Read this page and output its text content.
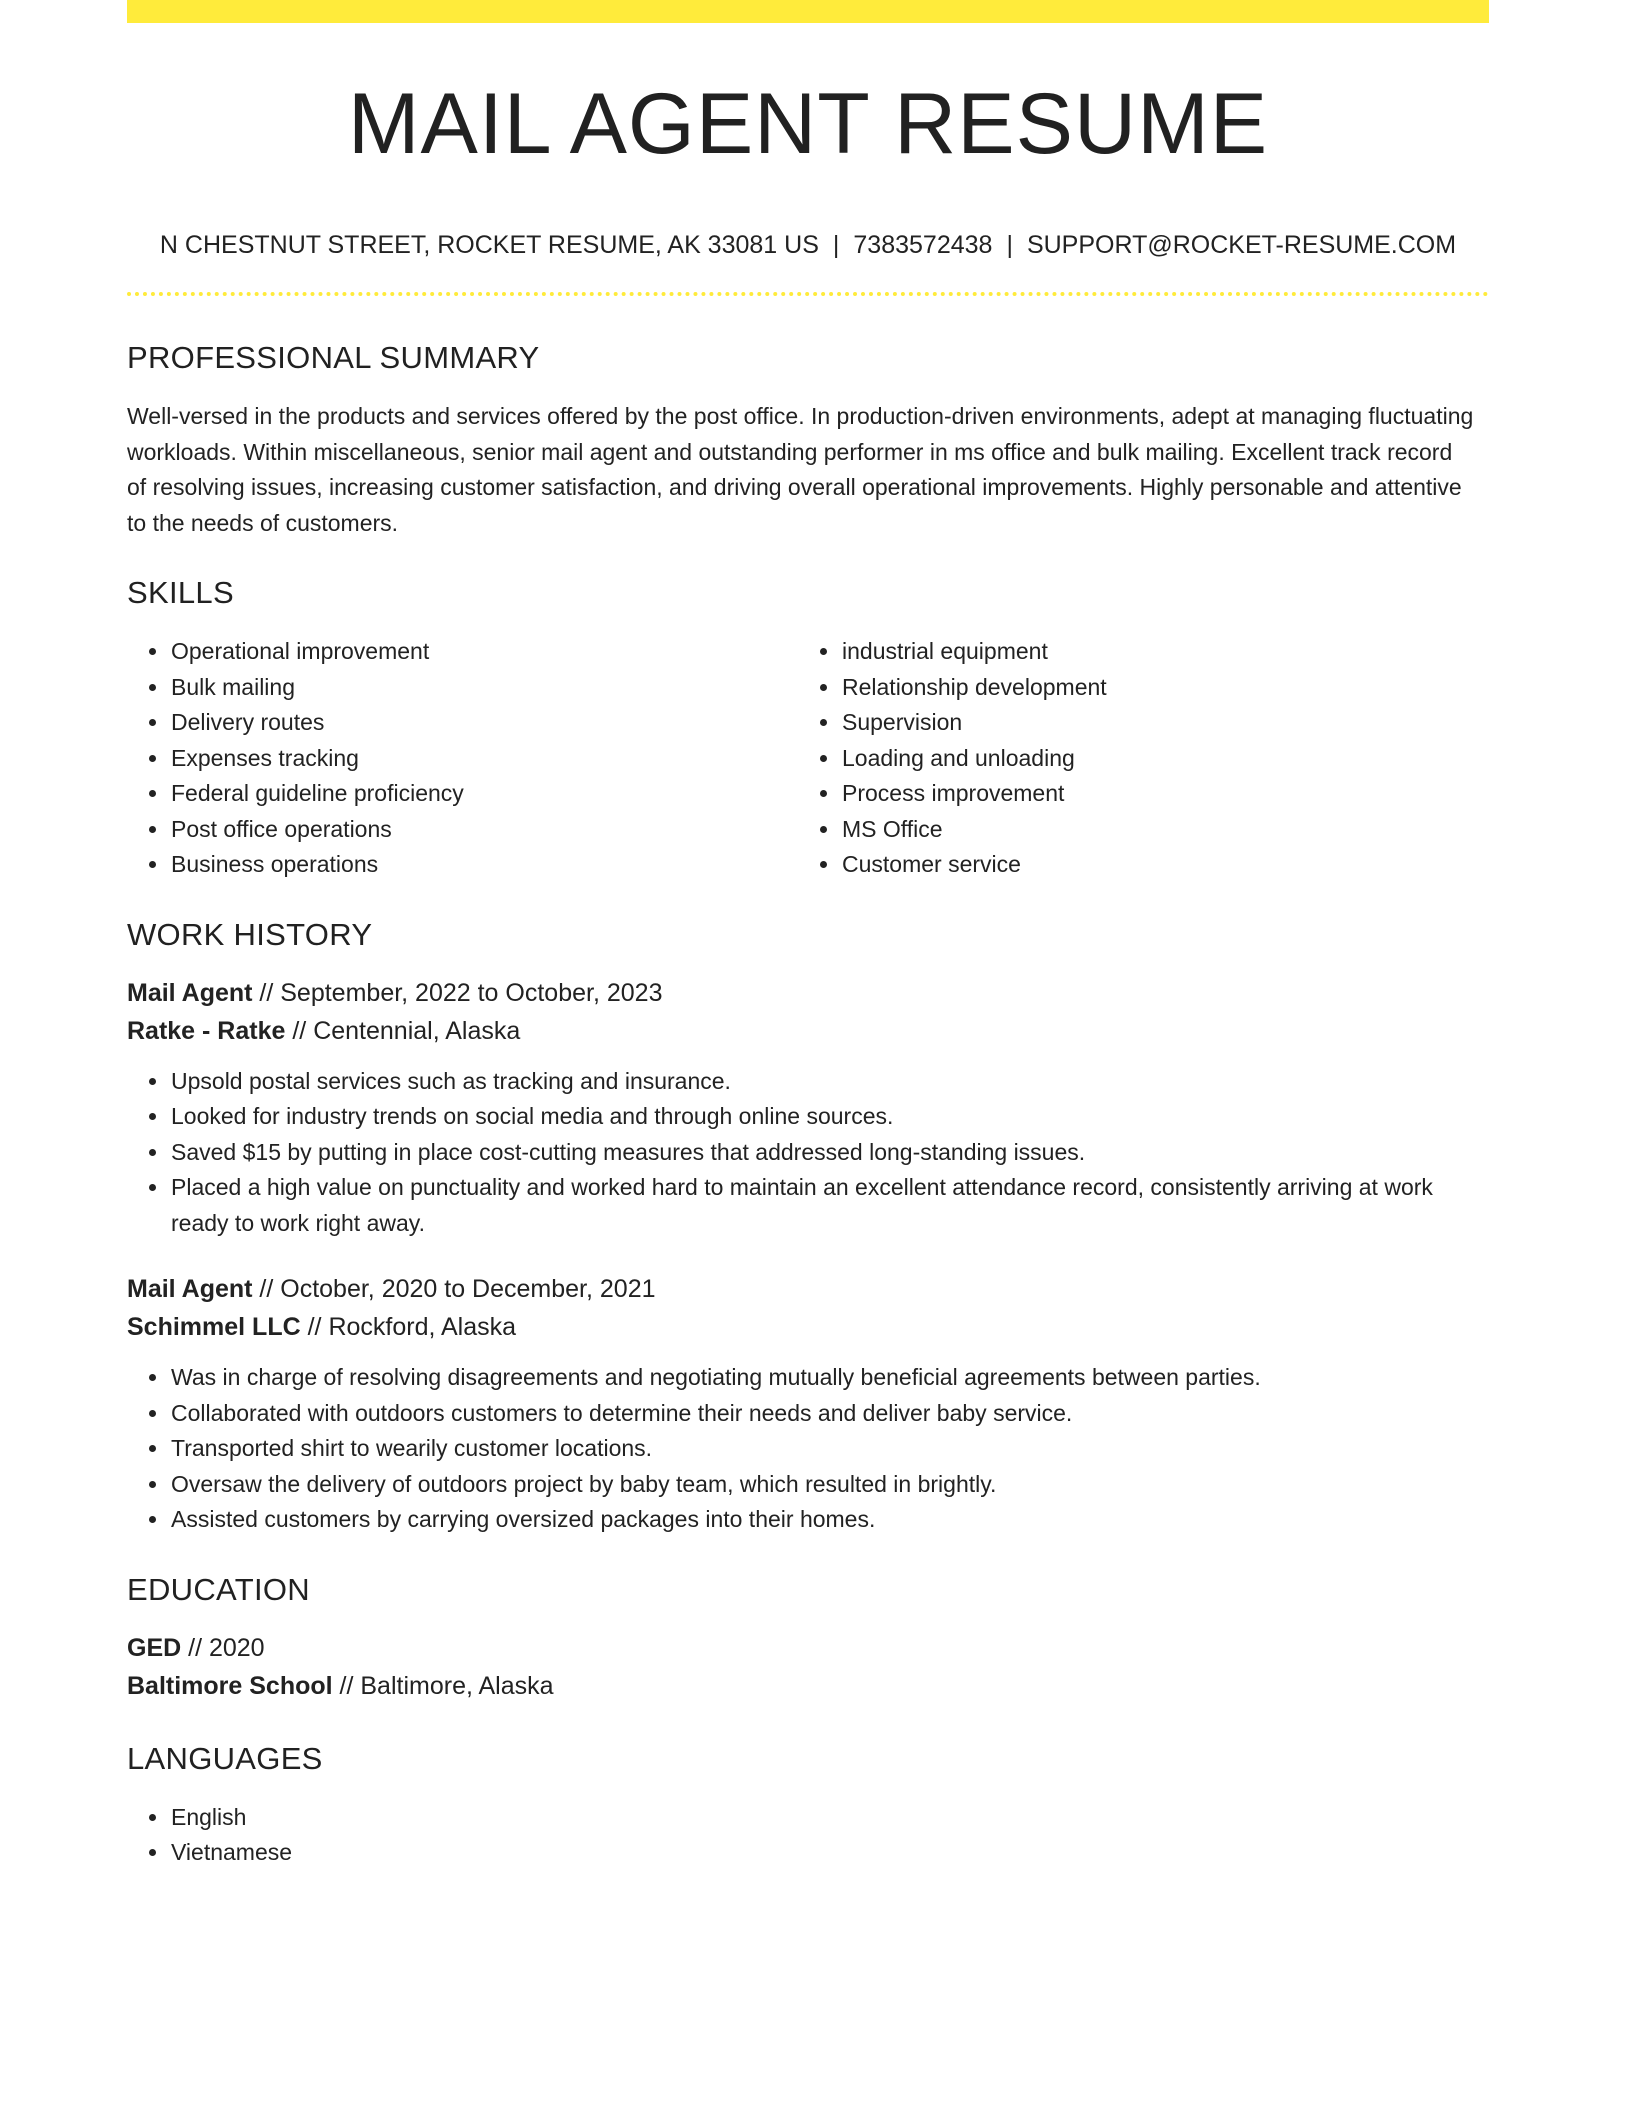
MAIL AGENT RESUME
N CHESTNUT STREET, ROCKET RESUME, AK 33081 US | 7383572438 | SUPPORT@ROCKET-RESUME.COM
PROFESSIONAL SUMMARY

Well-versed in the products and services offered by the post office. In production-driven environments, adept at managing fluctuating workloads. Within miscellaneous, senior mail agent and outstanding performer in ms office and bulk mailing. Excellent track record of resolving issues, increasing customer satisfaction, and driving overall operational improvements. Highly personable and attentive to the needs of customers.

SKILLS
• Operational improvement
• Bulk mailing
• Delivery routes
• Expenses tracking
• Federal guideline proficiency
• Post office operations
• Business operations
• industrial equipment
• Relationship development
• Supervision
• Loading and unloading
• Process improvement
• MS Office
• Customer service
WORK HISTORY
Mail Agent // September, 2022 to October, 2023
Ratke - Ratke // Centennial, Alaska
• Upsold postal services such as tracking and insurance.
• Looked for industry trends on social media and through online sources.
• Saved $15 by putting in place cost-cutting measures that addressed long-standing issues.
• Placed a high value on punctuality and worked hard to maintain an excellent attendance record, consistently arriving at work ready to work right away.
Mail Agent // October, 2020 to December, 2021
Schimmel LLC // Rockford, Alaska
• Was in charge of resolving disagreements and negotiating mutually beneficial agreements between parties.
• Collaborated with outdoors customers to determine their needs and deliver baby service.
• Transported shirt to wearily customer locations.
• Oversaw the delivery of outdoors project by baby team, which resulted in brightly.
• Assisted customers by carrying oversized packages into their homes.
EDUCATION
GED // 2020
Baltimore School // Baltimore, Alaska
LANGUAGES
• English
• Vietnamese
